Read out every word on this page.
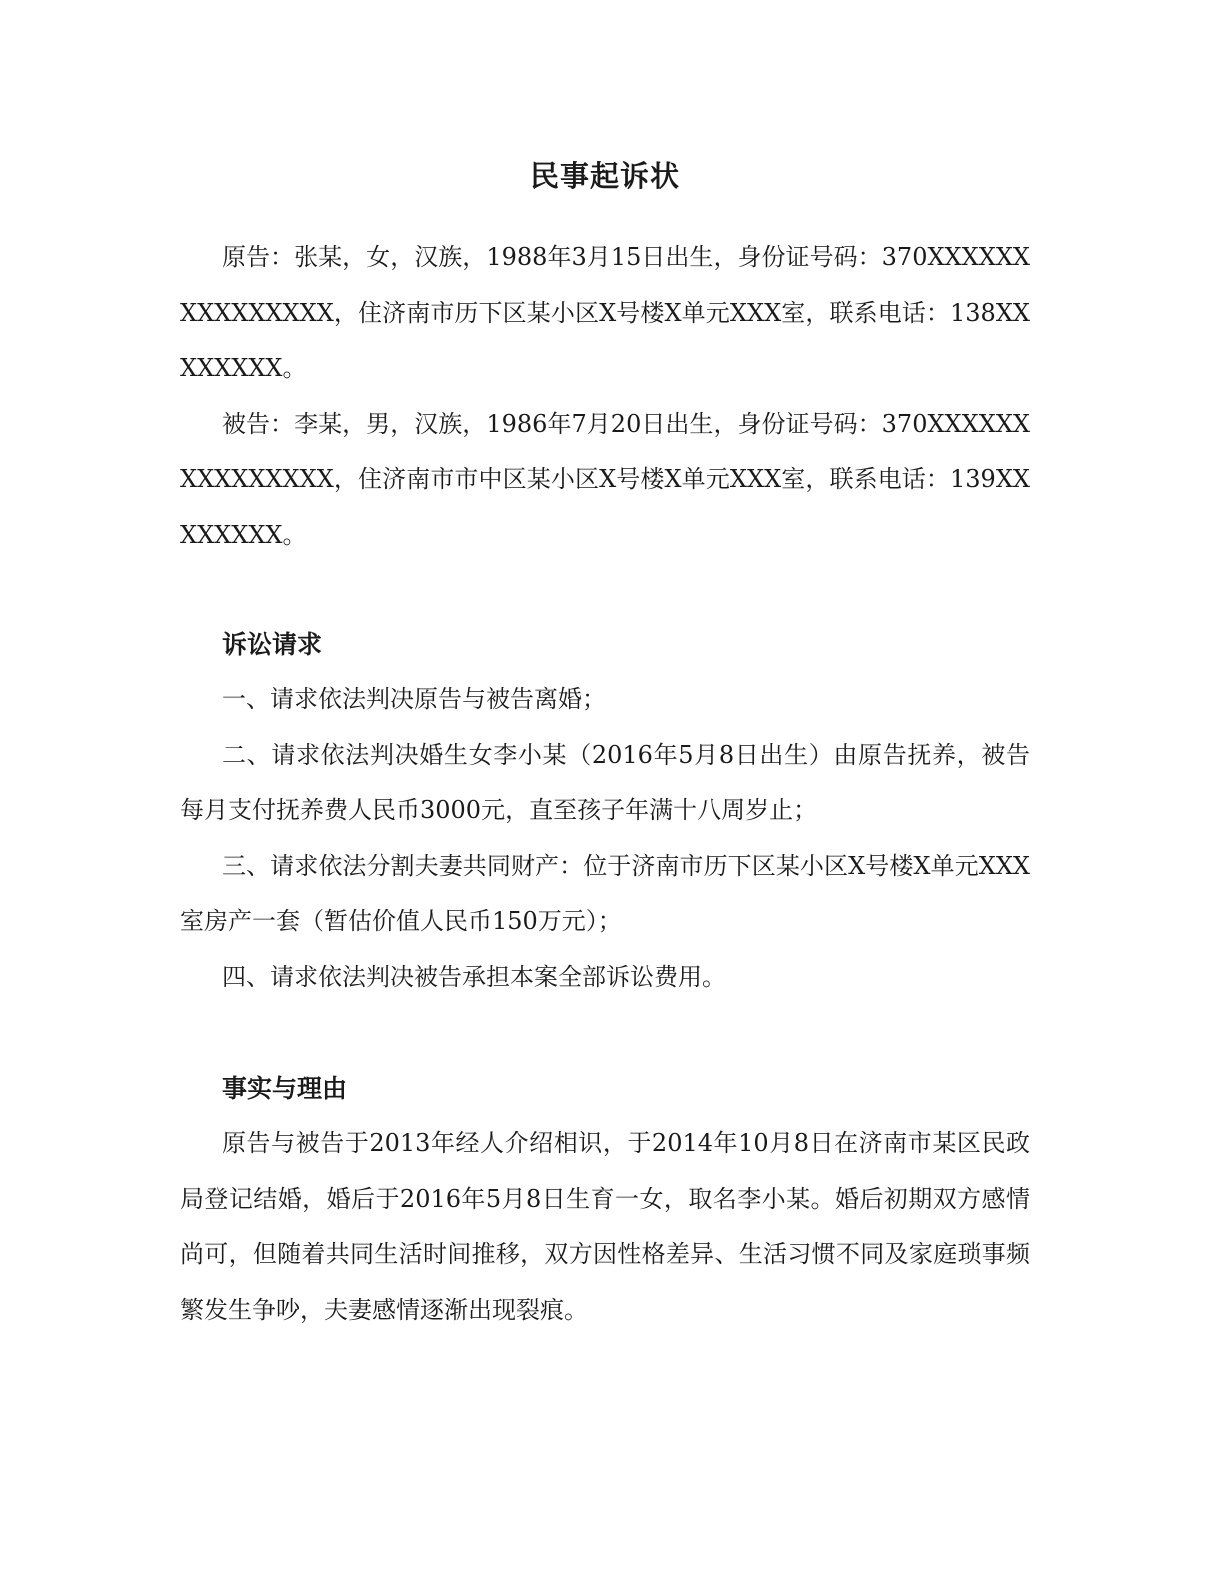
民事起诉状

原告：张某，女，汉族，1988年3月15日出生，身份证号码：370XXXXXXXXXXXXXXX，住济南市历下区某小区X号楼X单元XXX室，联系电话：138XXXXXXXX。

被告：李某，男，汉族，1986年7月20日出生，身份证号码：370XXXXXXXXXXXXXXX，住济南市市中区某小区X号楼X单元XXX室，联系电话：139XXXXXXXX。

诉讼请求

一、请求依法判决原告与被告离婚；

二、请求依法判决婚生女李小某（2016年5月8日出生）由原告抚养，被告每月支付抚养费人民币3000元，直至孩子年满十八周岁止；

三、请求依法分割夫妻共同财产：位于济南市历下区某小区X号楼X单元XXX室房产一套（暂估价值人民币150万元）；

四、请求依法判决被告承担本案全部诉讼费用。

事实与理由

原告与被告于2013年经人介绍相识，于2014年10月8日在济南市某区民政局登记结婚，婚后于2016年5月8日生育一女，取名李小某。婚后初期双方感情尚可，但随着共同生活时间推移，双方因性格差异、生活习惯不同及家庭琐事频繁发生争吵，夫妻感情逐渐出现裂痕。
